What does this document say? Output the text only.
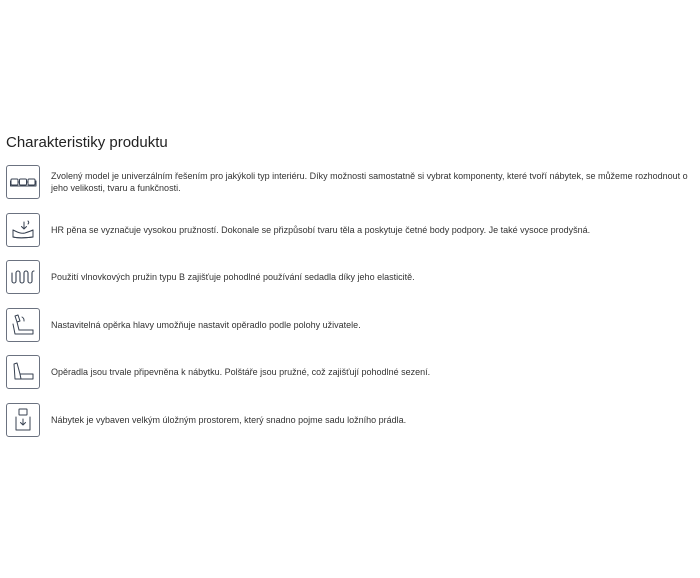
Charakteristiky produktu
Zvolený model je univerzálním řešením pro jakýkoli typ interiéru. Díky možnosti samostatně si vybrat komponenty, které tvoří nábytek, se můžeme rozhodnout o jeho velikosti, tvaru a funkčnosti.
HR pěna se vyznačuje vysokou pružností. Dokonale se přizpůsobí tvaru těla a poskytuje četné body podpory. Je také vysoce prodyšná.
Použití vlnovkových pružin typu B zajišťuje pohodlné používání sedadla díky jeho elasticitě.
Nastavitelná opěrka hlavy umožňuje nastavit opěradlo podle polohy uživatele.
Opěradla jsou trvale připevněna k nábytku. Polštáře jsou pružné, což zajišťují pohodlné sezení.
Nábytek je vybaven velkým úložným prostorem, který snadno pojme sadu ložního prádla.
